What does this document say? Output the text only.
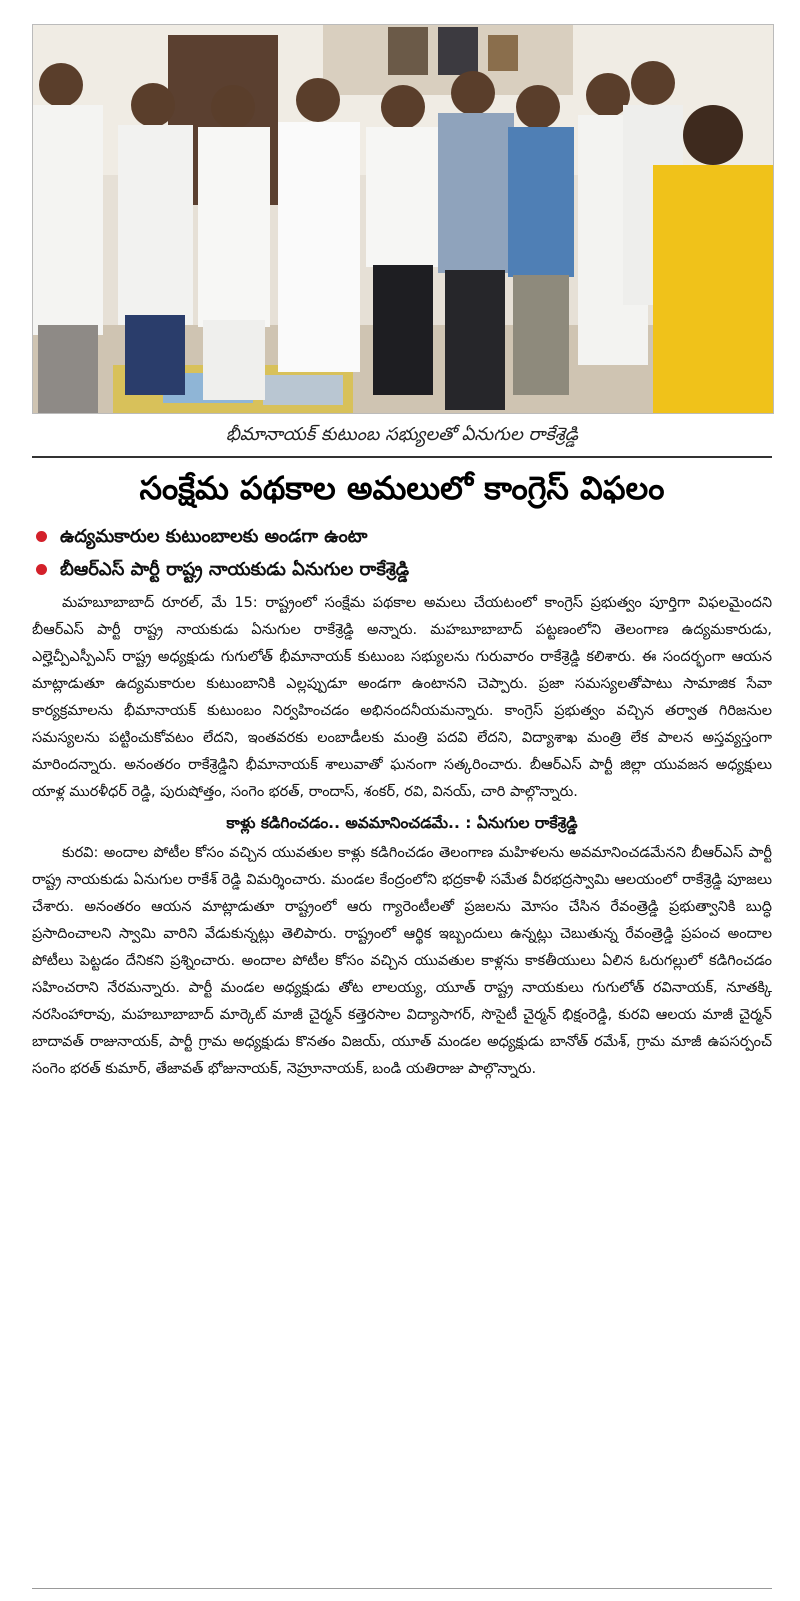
భీమానాయక్ కుటుంబ సభ్యులతో ఏనుగుల రాకేశ్రెడ్డి
సంక్షేమ పథకాల అమలులో కాంగ్రెస్ విఫలం
ఉద్యమకారుల కుటుంబాలకు అండగా ఉంటా
బీఆర్ఎస్ పార్టీ రాష్ట్ర నాయకుడు ఏనుగుల రాకేశ్రెడ్డి

మహబూబాబాద్ రూరల్, మే 15: రాష్ట్రంలో సంక్షేమ పథకాల అమలు చేయటంలో కాంగ్రెస్ ప్రభుత్వం పూర్తిగా విఫలమైందని బీఆర్ఎస్ పార్టీ రాష్ట్ర నాయకుడు ఏనుగుల రాకేశ్రెడ్డి అన్నారు. మహబూబాబాద్ పట్టణంలోని తెలంగాణ ఉద్యమకారుడు, ఎల్హెచ్పీఎస్పీఎస్ రాష్ట్ర అధ్యక్షుడు గుగులోత్ భీమానాయక్ కుటుంబ సభ్యులను గురువారం రాకేశ్రెడ్డి కలిశారు. ఈ సందర్భంగా ఆయన మాట్లాడుతూ ఉద్యమకారుల కుటుంబానికి ఎల్లప్పుడూ అండగా ఉంటానని చెప్పారు. ప్రజా సమస్యలతోపాటు సామాజిక సేవా కార్యక్రమాలను భీమానాయక్ కుటుంబం నిర్వహించడం అభినందనీయమన్నారు. కాంగ్రెస్ ప్రభుత్వం వచ్చిన తర్వాత గిరిజనుల సమస్యలను పట్టించుకోవటం లేదని, ఇంతవరకు లంబాడీలకు మంత్రి పదవి లేదని, విద్యాశాఖ మంత్రి లేక పాలన అస్తవ్యస్తంగా మారిందన్నారు. అనంతరం రాకేశ్రెడ్డిని భీమానాయక్ శాలువాతో ఘనంగా సత్కరించారు. బీఆర్ఎస్ పార్టీ జిల్లా యువజన అధ్యక్షులు యాళ్ల మురళీధర్ రెడ్డి, పురుషోత్తం, సంగెం భరత్, రాందాస్, శంకర్, రవి, వినయ్, చారి పాల్గొన్నారు.

కాళ్లు కడిగించడం.. అవమానించడమే.. : ఏనుగుల రాకేశ్రెడ్డి

కురవి: అందాల పోటీల కోసం వచ్చిన యువతుల కాళ్లు కడిగించడం తెలంగాణ మహిళలను అవమానించడమేనని బీఆర్ఎస్ పార్టీ రాష్ట్ర నాయకుడు ఏనుగుల రాకేశ్ రెడ్డి విమర్శించారు. మండల కేంద్రంలోని భద్రకాళీ సమేత వీరభద్రస్వామి ఆలయంలో రాకేశ్రెడ్డి పూజలు చేశారు. అనంతరం ఆయన మాట్లాడుతూ రాష్ట్రంలో ఆరు గ్యారెంటీలతో ప్రజలను మోసం చేసిన రేవంత్రెడ్డి ప్రభుత్వానికి బుద్ధి ప్రసాదించాలని స్వామి వారిని వేడుకున్నట్లు తెలిపారు. రాష్ట్రంలో ఆర్థిక ఇబ్బందులు ఉన్నట్లు చెబుతున్న రేవంత్రెడ్డి ప్రపంచ అందాల పోటీలు పెట్టడం దేనికని ప్రశ్నించారు. అందాల పోటీల కోసం వచ్చిన యువతుల కాళ్లను కాకతీయులు ఏలిన ఓరుగల్లులో కడిగించడం సహించరాని నేరమన్నారు. పార్టీ మండల అధ్యక్షుడు తోట లాలయ్య, యూత్ రాష్ట్ర నాయకులు గుగులోత్ రవినాయక్, నూతక్కి నరసింహారావు, మహబూబాబాద్ మార్కెట్ మాజీ చైర్మన్ కత్తెరసాల విద్యాసాగర్, సొసైటీ చైర్మన్ భిక్షంరెడ్డి, కురవి ఆలయ మాజీ చైర్మన్ బాదావత్ రాజునాయక్, పార్టీ గ్రామ అధ్యక్షుడు కొనతం విజయ్, యూత్ మండల అధ్యక్షుడు బానోత్ రమేశ్, గ్రామ మాజీ ఉపసర్పంచ్ సంగెం భరత్ కుమార్, తేజావత్ భోజునాయక్, నెహ్రూనాయక్, బండి యతిరాజు పాల్గొన్నారు.
